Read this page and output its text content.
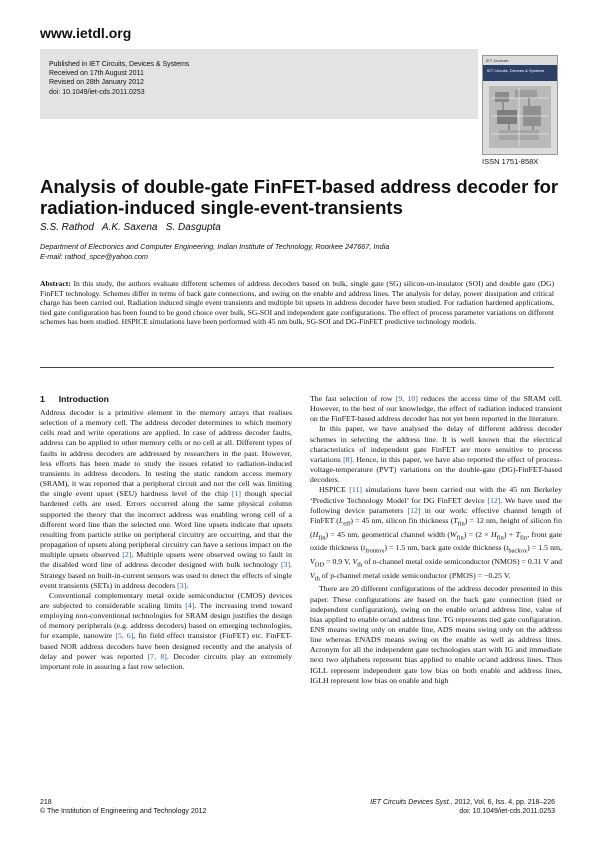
www.ietdl.org
Published in IET Circuits, Devices & Systems
Received on 17th August 2011
Revised on 28th January 2012
doi: 10.1049/iet-cds.2011.0253
IET Journals
IET Circuits, Devices & Systems
ISSN 1751-858X
Analysis of double-gate FinFET-based address decoder for radiation-induced single-event-transients
S.S. Rathod   A.K. Saxena   S. Dasgupta
Department of Electronics and Computer Engineering, Indian Institute of Technology, Roorkee 247667, India
E-mail: rathod_spce@yahoo.com
Abstract: In this study, the authors evaluate different schemes of address decoders based on bulk, single gate (SG) silicon-on-insulator (SOI) and double gate (DG) FinFET technology. Schemes differ in terms of back gate connections, and swing on the enable and address lines. The analysis for delay, power dissipation and critical charge has been carried out. Radiation induced single event transients and multiple bit upsets in address decoder have been studied. For radiation hardened applications, tied gate configuration has been found to be good choice over bulk, SG-SOI and independent gate configurations. The effect of process parameter variations on different schemes has been studied. HSPICE simulations have been performed with 45 nm bulk, SG-SOI and DG-FinFET predictive technology models.
1 Introduction

Address decoder is a primitive element in the memory arrays that realises selection of a memory cell. The address decoder determines to which memory cells read and write operations are applied. In case of address decoder faults, address can be applied to other memory cells or no cell at all. Different types of faults in address decoders are addressed by researchers in the past. However, less efforts has been made to study the issues related to radiation-induced transients in address decoders. In testing the static random access memory (SRAM), it was reported that a peripheral circuit and not the cell was limiting the single event upset (SEU) hardness level of the chip [1] though special hardened cells are used. Errors occurred along the same physical column supported the theory that the incorrect address was enabling wrong cell of a different word line than the selected one. Word line upsets indicate that upsets resulting from particle strike on peripheral circuitry are occurring, and that the propagation of upsets along peripheral circuitry can have a serious impact on the multiple upsets observed [2]. Multiple upsets were observed owing to fault in the disabled word line of address decoder designed with bulk technology [3]. Strategy based on built-in-current sensors was used to detect the effects of single event transients (SETs) in address decoders [3].

Conventional complementary metal oxide semiconductor (CMOS) devices are subjected to considerable scaling limits [4]. The increasing trend toward employing non-conventional technologies for SRAM design justifies the design of memory peripherals (e.g. address decoders) based on emerging technologies, for example, nanowire [5, 6], fin field effect transistor (FinFET) etc. FinFET-based NOR address decoders have been designed recently and the analysis of delay and power was reported [7, 8]. Decoder circuits play an extremely important role in assuring a fast row selection.

The fast selection of row [9, 10] reduces the access time of the SRAM cell. However, to the best of our knowledge, the effect of radiation induced transient on the FinFET-based address decoder has not yet been reported in the literature.

In this paper, we have analysed the delay of different address decoder schemes in selecting the address line. It is well known that the electrical characteristics of independent gate FinFET are more sensitive to process variations [8]. Hence, in this paper, we have also reported the effect of process-voltage-temperature (PVT) variations on the double-gate (DG)-FinFET-based decoders.

HSPICE [11] simulations have been carried out with the 45 nm Berkeley ‘Predictive Technology Model’ for DG FinFET device [12]. We have used the following device parameters [12] in our work: effective channel length of FinFET $(L_{eff}) = 45$ nm, silicon fin thickness $(T_{fin}) = 12$ nm, height of silicon fin $(H_{fin}) = 45$ nm, geometrical channel width $(W_{fin}) = (2 \times H_{fin}) + T_{fin}$, front gate oxide thickness $(t_{frontox}) = 1.5$ nm, back gate oxide thickness $(t_{backox}) = 1.5$ nm, $V_{DD} = 0.9$ V, $V_{th}$ of n-channel metal oxide semiconductor (NMOS) = 0.31 V and $V_{th}$ of p-channel metal oxide semiconductor (PMOS) = −0.25 V.

There are 20 different configurations of the address decoder presented in this paper. These configurations are based on the back gate connection (tied or independent configuration), swing on the enable or/and address line, value of bias applied to enable or/and address line. TG represents tied gate configuration. ENS means swing only on enable line, ADS means swing only on the address line whereas ENADS means swing on the enable as well as address lines. Acronym for all the independent gate technologies start with IG and immediate next two alphabets represent bias applied to enable or/and address lines. Thus IGLL represent independent gate low bias on both enable and address lines, IGLH represent low bias on enable and high

218
© The Institution of Engineering and Technology 2012
IET Circuits Devices Syst., 2012, Vol. 6, Iss. 4, pp. 218–226
doi: 10.1049/iet-cds.2011.0253
